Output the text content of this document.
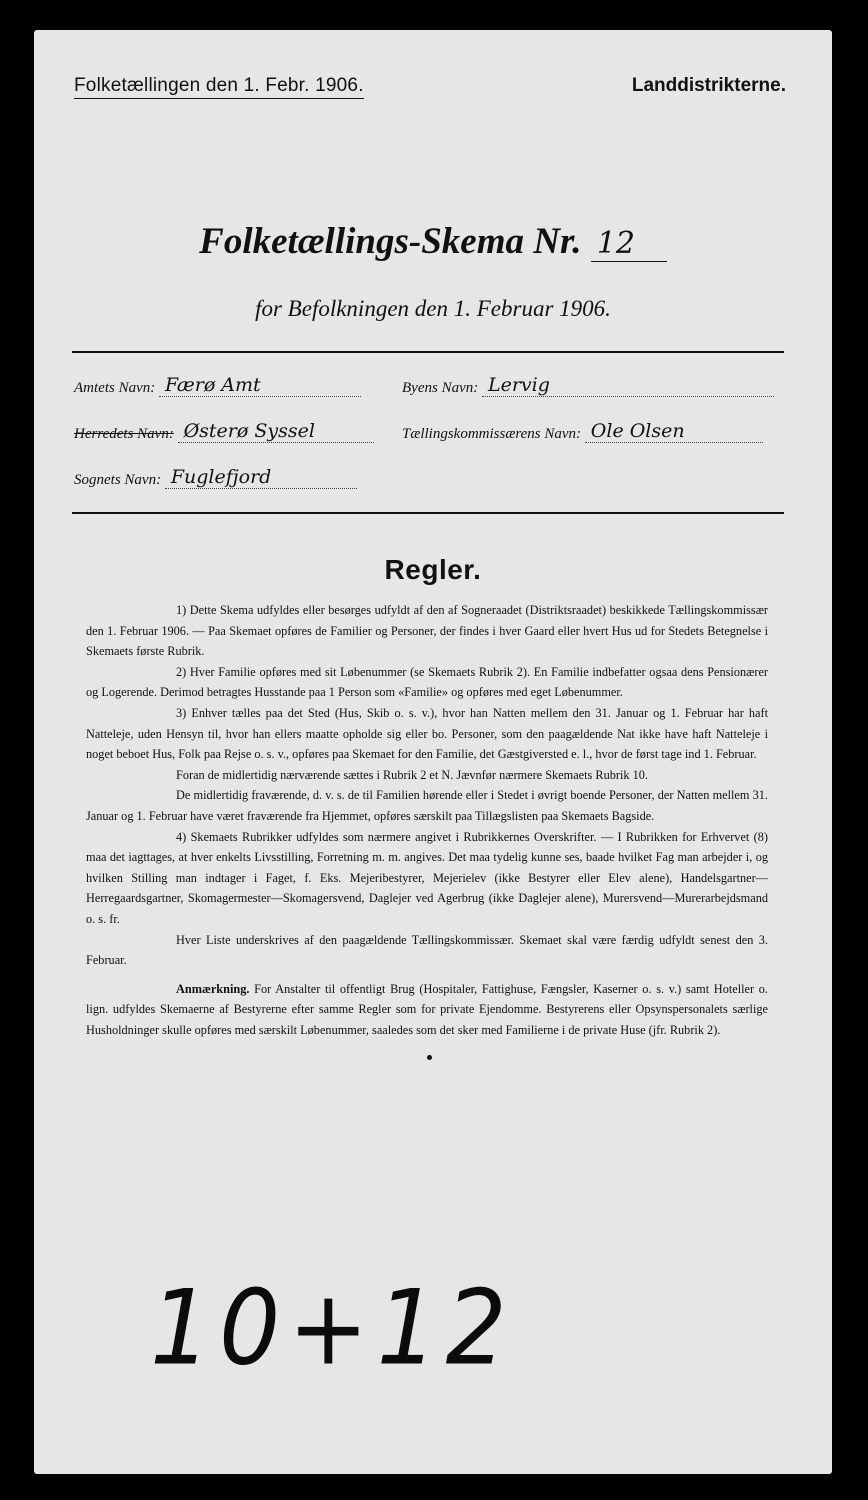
Folketællingen den 1. Febr. 1906.	Landdistrikterne.
Folketællings-Skema Nr. 12
for Befolkningen den 1. Februar 1906.
Amtets Navn: Færø Amt	Byens Navn: Lervig
Herredets Navn: Østerø Syssel	Tællingskommissærens Navn: Ole Olsen
Sognets Navn: Fuglefjord
Regler.

1) Dette Skema udfyldes eller besørges udfyldt af den af Sogneraadet (Distriktsraadet) beskikkede Tællingskommissær den 1. Februar 1906. — Paa Skemaet opføres de Familier og Personer, der findes i hver Gaard eller hvert Hus ud for Stedets Betegnelse i Skemaets første Rubrik.

2) Hver Familie opføres med sit Løbenummer (se Skemaets Rubrik 2). En Familie indbefatter ogsaa dens Pensionærer og Logerende. Derimod betragtes Husstande paa 1 Person som «Familie» og opføres med eget Løbenummer.

3) Enhver tælles paa det Sted (Hus, Skib o. s. v.), hvor han Natten mellem den 31. Januar og 1. Februar har haft Natteleje, uden Hensyn til, hvor han ellers maatte opholde sig eller bo. Personer, som den paagældende Nat ikke have haft Natteleje i noget beboet Hus, Folk paa Rejse o. s. v., opføres paa Skemaet for den Familie, det Gæstgiversted e. l., hvor de først tage ind 1. Februar.

Foran de midlertidig nærværende sættes i Rubrik 2 et N. Jævnfør nærmere Skemaets Rubrik 10.

De midlertidig fraværende, d. v. s. de til Familien hørende eller i Stedet i øvrigt boende Personer, der Natten mellem 31. Januar og 1. Februar have været fraværende fra Hjemmet, opføres særskilt paa Tillægslisten paa Skemaets Bagside.

4) Skemaets Rubrikker udfyldes som nærmere angivet i Rubrikkernes Overskrifter. — I Rubrikken for Erhvervet (8) maa det iagttages, at hver enkelts Livsstilling, Forretning m. m. angives. Det maa tydelig kunne ses, baade hvilket Fag man arbejder i, og hvilken Stilling man indtager i Faget, f. Eks. Mejeribestyrer, Mejerielev (ikke Bestyrer eller Elev alene), Handelsgartner—Herregaardsgartner, Skomagermester—Skomagersvend, Daglejer ved Agerbrug (ikke Daglejer alene), Murersvend—Murerarbejdsmand o. s. fr.

Hver Liste underskrives af den paagældende Tællingskommissær. Skemaet skal være færdig udfyldt senest den 3. Februar.

Anmærkning. For Anstalter til offentligt Brug (Hospitaler, Fattighuse, Fængsler, Kaserner o. s. v.) samt Hoteller o. lign. udfyldes Skemaerne af Bestyrerne efter samme Regler som for private Ejendomme. Bestyrerens eller Opsynspersonalets særlige Husholdninger skulle opføres med særskilt Løbenummer, saaledes som det sker med Familierne i de private Huse (jfr. Rubrik 2).

10+12
